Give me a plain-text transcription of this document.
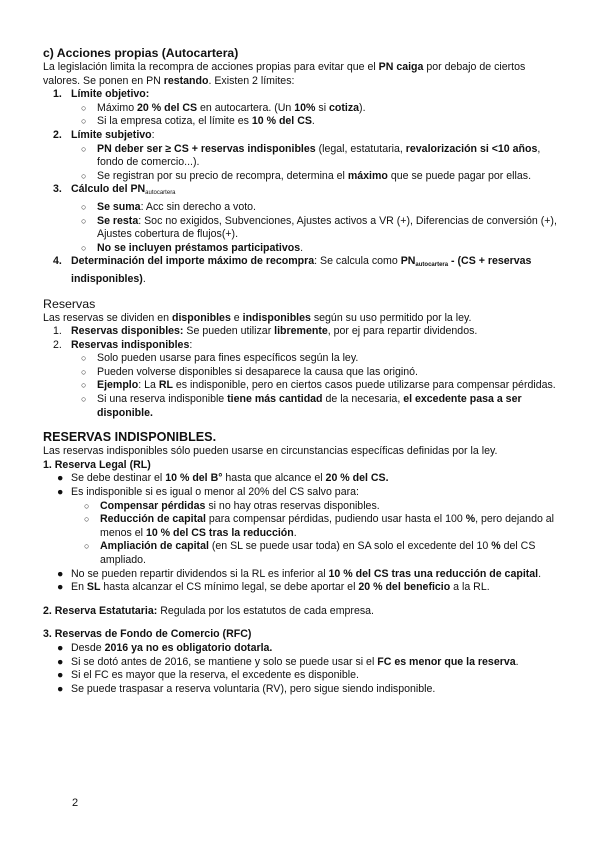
c) Acciones propias (Autocartera)

La legislación limita la recompra de acciones propias para evitar que el PN caiga por debajo de ciertos valores. Se ponen en PN restando. Existen 2 límites:

1. Límite objetivo:
○ Máximo 20 % del CS en autocartera. (Un 10% si cotiza).
○ Si la empresa cotiza, el límite es 10 % del CS.
2. Límite subjetivo:
○ PN deber ser ≥ CS + reservas indisponibles (legal, estatutaria, revalorización si <10 años, fondo de comercio...).
○ Se registran por su precio de recompra, determina el máximo que se puede pagar por ellas.
3. Cálculo del $PN_{autocartera}$
○ Se suma: Acc sin derecho a voto.
○ Se resta: Soc no exigidos, Subvenciones, Ajustes activos a VR (+), Diferencias de conversión (+), Ajustes cobertura de flujos(+).
○ No se incluyen préstamos participativos.
4. Determinación del importe máximo de recompra: Se calcula como $PN_{autocartera} - (CS$ + reservas indisponibles).
Reservas

Las reservas se dividen en disponibles e indisponibles según su uso permitido por la ley.

1. Reservas disponibles: Se pueden utilizar libremente, por ej para repartir dividendos.
2. Reservas indisponibles:
○ Solo pueden usarse para fines específicos según la ley.
○ Pueden volverse disponibles si desaparece la causa que las originó.
○ Ejemplo: La RL es indisponible, pero en ciertos casos puede utilizarse para compensar pérdidas.
○ Si una reserva indisponible tiene más cantidad de la necesaria, el excedente pasa a ser disponible.
RESERVAS INDISPONIBLES.

Las reservas indisponibles sólo pueden usarse en circunstancias específicas definidas por la ley.

1. Reserva Legal (RL)

● Se debe destinar el 10 % del B° hasta que alcance el 20 % del CS.
● Es indisponible si es igual o menor al 20% del CS salvo para:
○ Compensar pérdidas si no hay otras reservas disponibles.
○ Reducción de capital para compensar pérdidas, pudiendo usar hasta el 100 %, pero dejando al menos el 10 % del CS tras la reducción.
○ Ampliación de capital (en SL se puede usar toda) en SA solo el excedente del 10 % del CS ampliado.
● No se pueden repartir dividendos si la RL es inferior al 10 % del CS tras una reducción de capital.
● En SL hasta alcanzar el CS mínimo legal, se debe aportar el 20 % del beneficio a la RL.

2. Reserva Estatutaria: Regulada por los estatutos de cada empresa.

3. Reservas de Fondo de Comercio (RFC)

● Desde 2016 ya no es obligatorio dotarla.
● Si se dotó antes de 2016, se mantiene y solo se puede usar si el FC es menor que la reserva.
● Si el FC es mayor que la reserva, el excedente es disponible.
● Se puede traspasar a reserva voluntaria (RV), pero sigue siendo indisponible.
2
